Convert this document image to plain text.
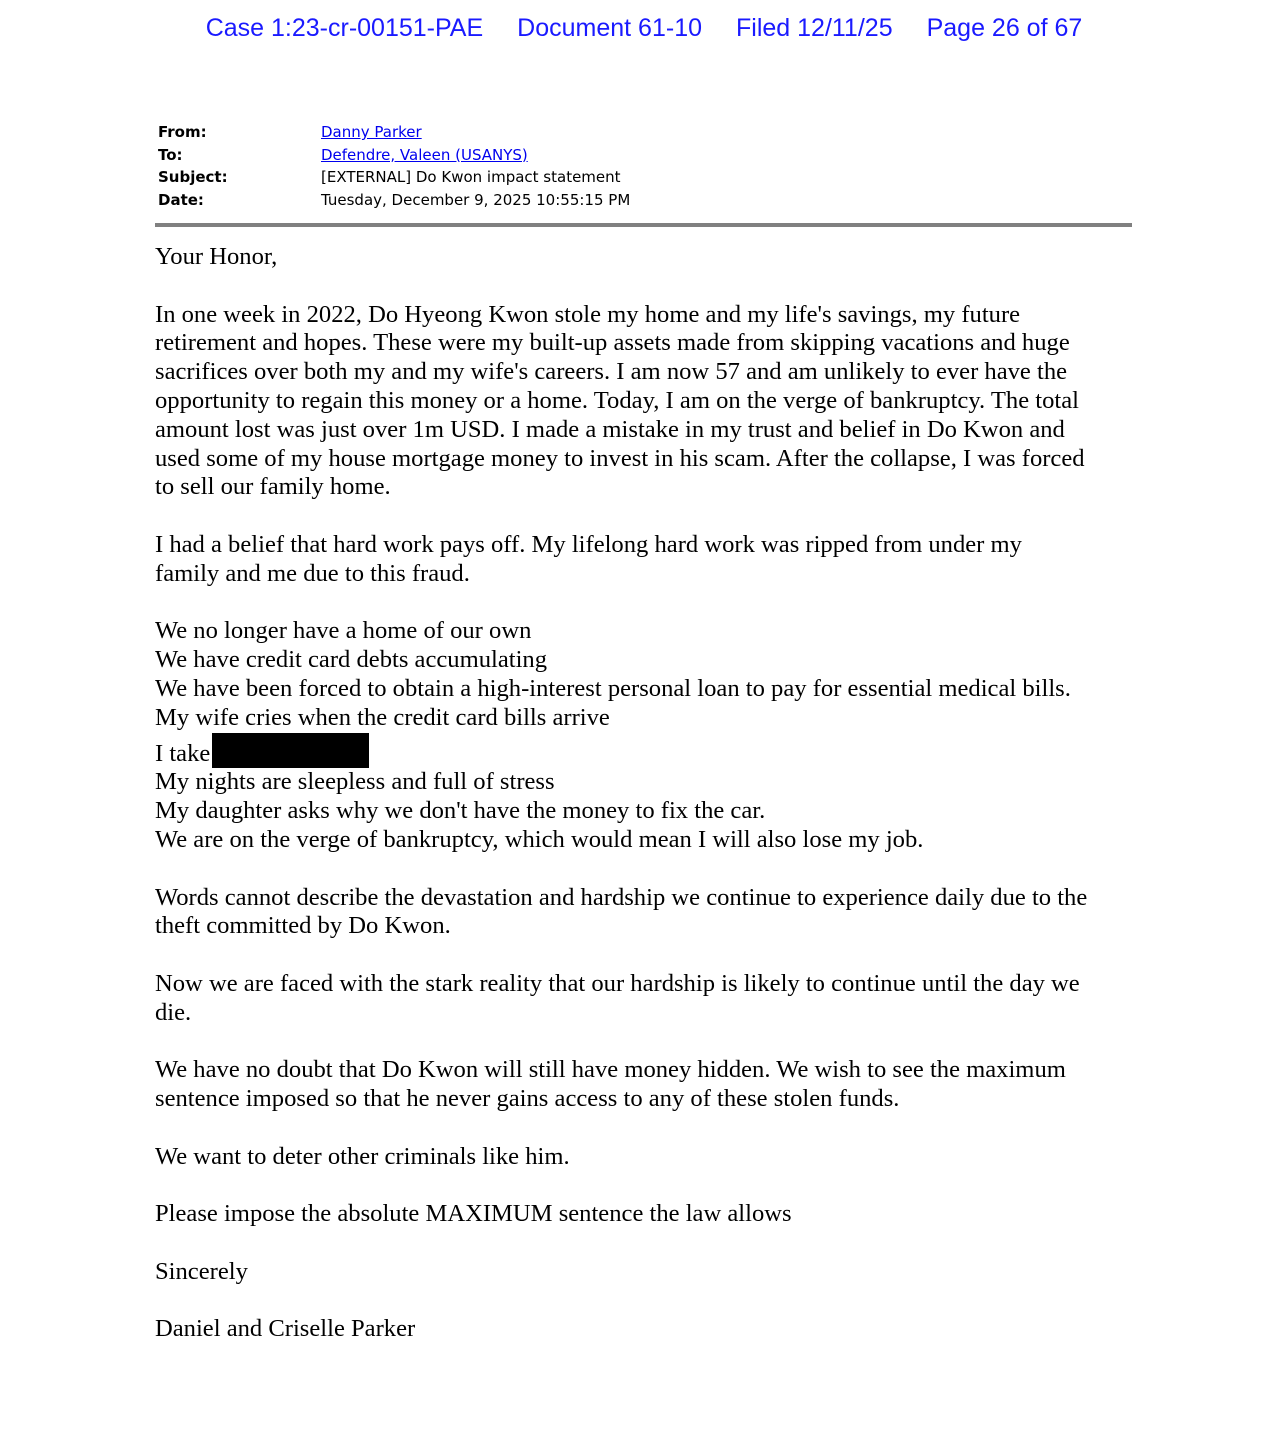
Case 1:23-cr-00151-PAE Document 61-10 Filed 12/11/25 Page 26 of 67
From:	Danny Parker
To:	Defendre, Valeen (USANYS)
Subject:	[EXTERNAL] Do Kwon impact statement
Date:	Tuesday, December 9, 2025 10:55:15 PM

Your Honor,

In one week in 2022, Do Hyeong Kwon stole my home and my life's savings, my future
retirement and hopes. These were my built-up assets made from skipping vacations and huge
sacrifices over both my and my wife's careers. I am now 57 and am unlikely to ever have the
opportunity to regain this money or a home. Today, I am on the verge of bankruptcy. The total
amount lost was just over 1m USD. I made a mistake in my trust and belief in Do Kwon and
used some of my house mortgage money to invest in his scam. After the collapse, I was forced
to sell our family home.

I had a belief that hard work pays off. My lifelong hard work was ripped from under my
family and me due to this fraud.

We no longer have a home of our own
We have credit card debts accumulating
We have been forced to obtain a high-interest personal loan to pay for essential medical bills.
My wife cries when the credit card bills arrive
I take
My nights are sleepless and full of stress
My daughter asks why we don't have the money to fix the car.
We are on the verge of bankruptcy, which would mean I will also lose my job.

Words cannot describe the devastation and hardship we continue to experience daily due to the
theft committed by Do Kwon.

Now we are faced with the stark reality that our hardship is likely to continue until the day we
die.

We have no doubt that Do Kwon will still have money hidden. We wish to see the maximum
sentence imposed so that he never gains access to any of these stolen funds.

We want to deter other criminals like him.

Please impose the absolute MAXIMUM sentence the law allows

Sincerely

Daniel and Criselle Parker
